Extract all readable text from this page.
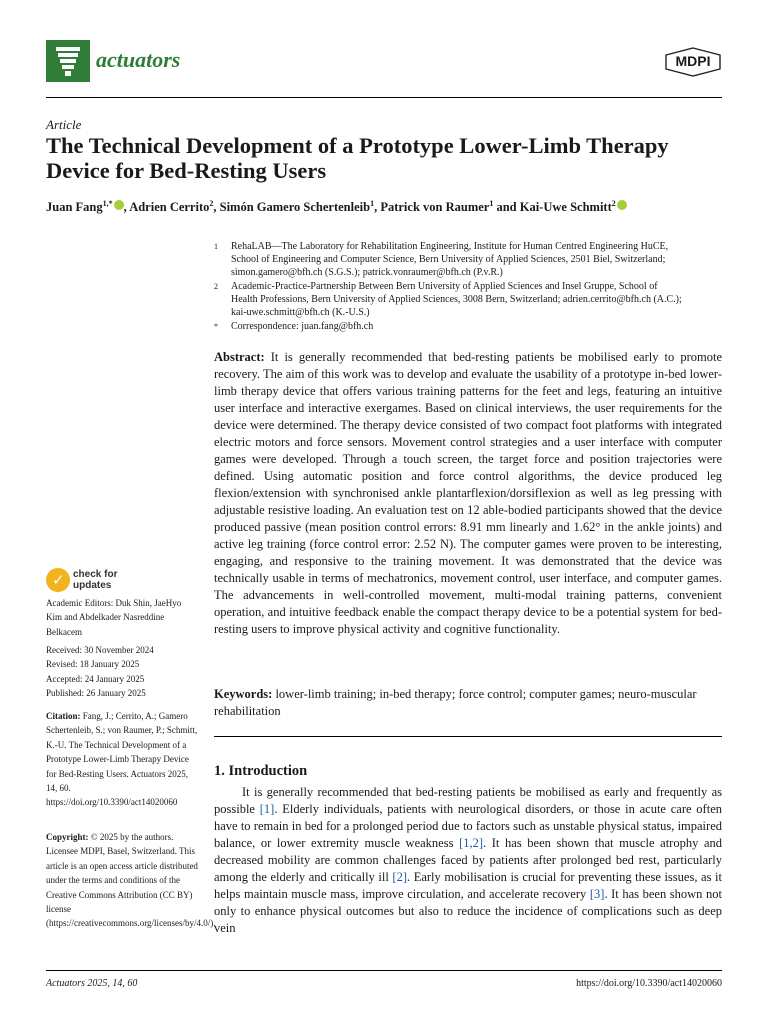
actuators	MDPI
Article
The Technical Development of a Prototype Lower-Limb Therapy Device for Bed-Resting Users
Juan Fang$^{1,*}$ , Adrien Cerrito$^2$, Simón Gamero Schertenleib$^1$, Patrick von Raumer$^1$ and Kai-Uwe Schmitt$^2$
1 RehaLAB—The Laboratory for Rehabilitation Engineering, Institute for Human Centred Engineering HuCE,
School of Engineering and Computer Science, Bern University of Applied Sciences, 2501 Biel, Switzerland;
simon.gamero@bfh.ch (S.G.S.); patrick.vonraumer@bfh.ch (P.v.R.)
2 Academic-Practice-Partnership Between Bern University of Applied Sciences and Insel Gruppe, School of
Health Professions, Bern University of Applied Sciences, 3008 Bern, Switzerland; adrien.cerrito@bfh.ch (A.C.);
kai-uwe.schmitt@bfh.ch (K.-U.S.)
* Correspondence: juan.fang@bfh.ch
Abstract: It is generally recommended that bed-resting patients be mobilised early to promote recovery. The aim of this work was to develop and evaluate the usability of a prototype in-bed lower-limb therapy device that offers various training patterns for the feet and legs, featuring an intuitive user interface and interactive exergames. Based on clinical interviews, the user requirements for the device were determined. The therapy device consisted of two compact foot platforms with integrated electric motors and force sensors. Movement control strategies and a user interface with computer games were developed. Through a touch screen, the target force and position trajectories were defined. Using automatic position and force control algorithms, the device produced leg flexion/extension with synchronised ankle plantarflexion/dorsiflexion as well as leg pressing with adjustable resistive loading. An evaluation test on 12 able-bodied participants showed that the device produced passive (mean position control errors: 8.91 mm linearly and 1.62° in the ankle joints) and active leg training (force control error: 2.52 N). The computer games were proven to be interesting, engaging, and responsive to the training movement. It was demonstrated that the device was technically usable in terms of mechatronics, movement control, user interface, and computer games. The advancements in well-controlled movement, multi-modal training patterns, convenient operation, and intuitive feedback enable the compact therapy device to be a potential system for bed-resting users to improve physical activity and cognitive functionality.
Keywords: lower-limb training; in-bed therapy; force control; computer games; neuro-muscular rehabilitation
1. Introduction
It is generally recommended that bed-resting patients be mobilised as early and frequently as possible [1]. Elderly individuals, patients with neurological disorders, or those in acute care often have to remain in bed for a prolonged period due to factors such as unstable physical status, impaired balance, or lower extremity muscle weakness [1,2]. It has been shown that muscle atrophy and decreased mobility are common challenges faced by patients after prolonged bed rest, particularly among the elderly and critically ill [2]. Early mobilisation is crucial for preventing these issues, as it helps maintain muscle mass, improve circulation, and accelerate recovery [3]. It has been shown not only to enhance physical outcomes but also to reduce the incidence of complications such as deep vein
✓ check for
updates
Academic Editors: Duk Shin, JaeHyo Kim and Abdelkader Nasreddine Belkacem
Received: 30 November 2024
Revised: 18 January 2025
Accepted: 24 January 2025
Published: 26 January 2025
Citation: Fang, J.; Cerrito, A.; Gamero Schertenleib, S.; von Raumer, P.; Schmitt, K.-U. The Technical Development of a Prototype Lower-Limb Therapy Device for Bed-Resting Users. Actuators 2025, 14, 60. https://doi.org/10.3390/act14020060
Copyright: © 2025 by the authors. Licensee MDPI, Basel, Switzerland. This article is an open access article distributed under the terms and conditions of the Creative Commons Attribution (CC BY) license (https://creativecommons.org/licenses/by/4.0/).
Actuators 2025, 14, 60	https://doi.org/10.3390/act14020060
